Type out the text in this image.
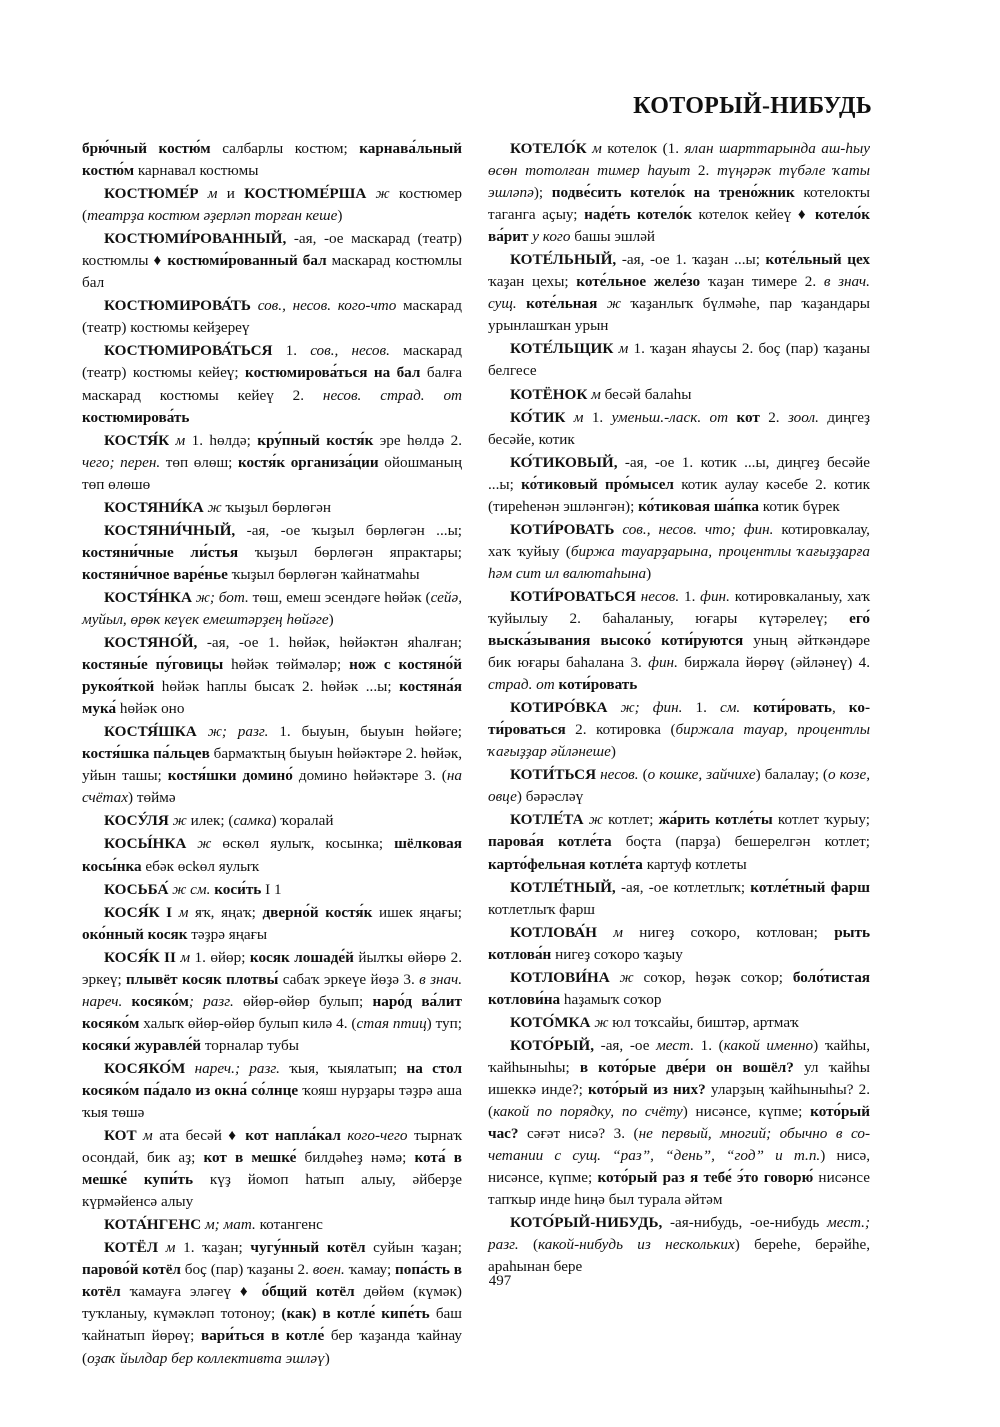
КОТОРЫЙ-НИБУДЬ

брю́чный костю́м салбарлы костюм; карнава́льный костю́м карнавал костюмы

КОСТЮМЕ́Р м и КОСТЮМЕ́РША ж костюмер (театрҙа костюм әҙерләп торған кеше)

КОСТЮМИ́РОВАННЫЙ, -ая, -ое маскарад (театр) костюмлы ♦ костюми́рованный бал маскарад костюмлы бал

КОСТЮМИРОВА́ТЬ сов., несов. кого-что маскарад (театр) костюмы кейҙереү

КОСТЮМИРОВА́ТЬСЯ 1. сов., несов. маскарад (театр) костюмы кейеү; костюмирова́ться на бал балға маскарад костюмы кейеү 2. несов. страд. от костюмирова́ть

КОСТЯ́К м 1. һөлдә; кру́пный костя́к эре һөлдә 2. чего; перен. төп өлөш; костя́к организа́ции ойошманың төп өлөшө

КОСТЯНИ́КА ж ҡыҙыл бөрлөгән

КОСТЯНИ́ЧНЫЙ, -ая, -ое ҡыҙыл бөрлөгән ...ы; костяни́чные ли́стья ҡыҙыл бөрлөгән япрактары; костяни́чное варе́нье ҡыҙыл бөрлөгән ҡайнатмаһы

КОСТЯ́НКА ж; бот. төш, емеш эсендәге һөйәк (сейә, муйыл, өрөк кеүек емештәрҙең һөйәге)

КОСТЯНО́Й, -ая, -ое 1. һөйәк, һөйәктән яһалған; костяны́е пу́говицы һөйәк төймәләр; нож с костяно́й рукоя́ткой һөйәк һаплы бысаҡ 2. һөйәк ...ы; костяна́я мука́ һөйәк оно

КОСТЯ́ШКА ж; разг. 1. быуын, быуын һөйәге; костя́шка па́льцев бармаҡтың быуын һөйәктәре 2. һөйәк, уйын ташы; костя́шки домино́ домино һөйәктәре 3. (на счётах) төймә

КОСУ́ЛЯ ж илек; (самка) ҡоралай

КОСЫ́НКА ж өскөл яулыҡ, косынка; шёлковая косы́нка ебәк өсkөл яулыҡ

КОСЬБА́ ж см. коси́ть I 1

КОСЯ́К I м яҡ, яңаҡ; дверно́й костя́к ишек яңағы; око́нный косяк тәҙрә яңағы

КОСЯ́К II м 1. өйөр; косяк лошаде́й йылҡы өйөрө 2. эркеү; плывёт косяк плотвы́ сабаҡ эркеүе йөҙә 3. в знач. нареч. косяко́м; разг. өйөр-өйөр булып; наро́д ва́лит косяко́м халыҡ өйөр-өйөр булып килә 4. (стая птиц) туп; косяки́ журавле́й торналар тубы

КОСЯКО́М нареч.; разг. ҡыя, ҡыялатып; на стол косяко́м па́дало из окна́ со́лнце ҡояш нурҙары тәҙрә аша ҡыя төшә

КОТ м ата бесәй ♦ кот напла́кал кого-чего тырнаҡ осондай, бик аҙ; кот в мешке́ билдәһеҙ нәмә; кота́ в мешке́ купи́ть күҙ йомоп һатып алыу, әйберҙе күрмәйенсә алыу

КОТА́НГЕНС м; мат. котангенс

КОТЁЛ м 1. ҡаҙан; чугу́нный котёл суйын ҡаҙан; парово́й котёл боҫ (пар) ҡаҙаны 2. воен. ҡамау; попа́сть в котёл ҡамауға эләгеү ♦ о́бщий котёл дөйөм (күмәк) туҡланыу, күмәкләп тотоноу; (как) в котле́ кипе́ть баш ҡайнатып йөрөү; вари́ться в котле́ бер ҡаҙанда ҡайнау (оҙаҡ йылдар бер коллективта эшләү)

КОТЕЛО́К м котелок (1. ялан шарттарында аш-һыу өсөн тотолған тимер һауыт 2. түңәрәк түбәле ҡаты эшләпә); подве́сить котело́к на трено́жник котелокты таганга аҫыу; наде́ть котело́к котелок кейеү ♦ котело́к ва́рит у кого башы эшләй

КОТЕ́ЛЬНЫЙ, -ая, -ое 1. ҡаҙан ...ы; коте́льный цех ҡаҙан цехы; коте́льное желе́зо ҡаҙан тимере 2. в знач. сущ. коте́льная ж ҡаҙанлыҡ бүлмәһе, пар ҡаҙандары урынлашҡан урын

КОТЕ́ЛЬЩИК м 1. ҡаҙан яһаусы 2. боҫ (пар) ҡаҙаны белгесе

КОТЁНОК м бесәй балаһы

КО́ТИК м 1. уменьш.-ласк. от кот 2. зоол. диңгеҙ бесәйе, котик

КО́ТИКОВЫЙ, -ая, -ое 1. котик ...ы, диңгеҙ бесәйе ...ы; ко́тиковый про́мысел котик аулау кәсебе 2. котик (тиреһенән эшләнгән); ко́тиковая ша́пка котик бүрек

КОТИ́РОВАТЬ сов., несов. что; фин. котировкалау, хаҡ ҡуйыу (биржа тауарҙарына, процентлы ҡағыҙҙарға һәм сит ил валютаһына)

КОТИ́РОВАТЬСЯ несов. 1. фин. котировкаланыу, хаҡ ҡуйылыу 2. баһаланыу, юғары күтәрелеү; его́ выска́зывания высоко́ коти́руются уның әйткәндәре бик юғары баһалана 3. фин. биржала йөрөү (әйләнеү) 4. страд. от коти́ровать

КОТИРО́ВКА ж; фин. 1. см. коти́ровать, коти́роваться 2. котировка (биржала тауар, процентлы ҡағыҙҙар әйләнеше)

КОТИ́ТЬСЯ несов. (о кошке, зайчихе) балалау; (о козе, овце) бәрәсләү

КОТЛЕ́ТА ж котлет; жа́рить котле́ты котлет ҡурыу; парова́я котле́та боҫта (парҙа) бешерелгән котлет; карто́фельная котле́та картуф котлеты

КОТЛЕ́ТНЫЙ, -ая, -ое котлетлыҡ; котле́тный фарш котлетлыҡ фарш

КОТЛОВА́Н м нигеҙ соҡоро, котлован; рыть котлова́н нигеҙ соҡоро ҡаҙыу

КОТЛОВИ́НА ж соҡор, һөҙәк соҡор; боло́тистая котлови́на һаҙамыҡ соҡор

КОТО́МКА ж юл тоҡсайы, биштәр, артмаҡ

КОТО́РЫЙ, -ая, -ое мест. 1. (какой именно) ҡайһы, ҡайһыныһы; в кото́рые две́ри он вошёл? ул ҡайһы ишеккә инде?; кото́рый из них? уларҙың ҡайһыныһы? 2. (какой по порядку, по счёту) нисәнсе, күпме; кото́рый час? сәғәт нисә? 3. (не первый, многий; обычно в сочетании с сущ. “раз”, “день”, “год” и т.п.) нисә, нисәнсе, күпме; кото́рый раз я тебе́ э́то говорю́ нисәнсе тапҡыр инде һиңә был турала әйтәм

КОТО́РЫЙ-НИБУДЬ, -ая-нибудь, -ое-нибудь мест.; разг. (какой-нибудь из нескольких) береһе, берәйһе, араһынан бере

497
